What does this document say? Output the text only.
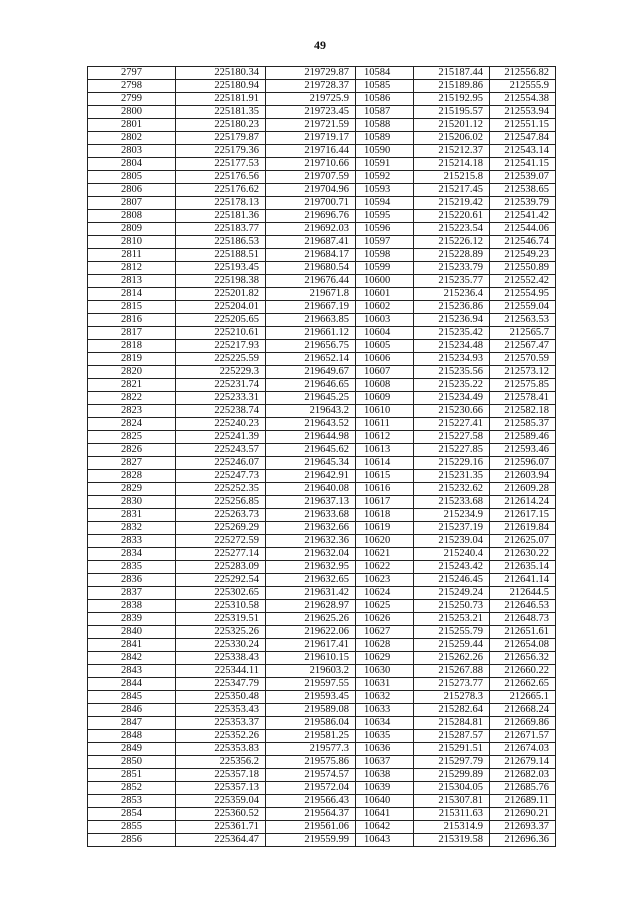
49
2797	225180.34	219729.87	10584	215187.44	212556.82
2798	225180.94	219728.37	10585	215189.86	212555.9
2799	225181.91	219725.9	10586	215192.95	212554.38
2800	225181.35	219723.45	10587	215195.57	212553.94
2801	225180.23	219721.59	10588	215201.12	212551.15
2802	225179.87	219719.17	10589	215206.02	212547.84
2803	225179.36	219716.44	10590	215212.37	212543.14
2804	225177.53	219710.66	10591	215214.18	212541.15
2805	225176.56	219707.59	10592	215215.8	212539.07
2806	225176.62	219704.96	10593	215217.45	212538.65
2807	225178.13	219700.71	10594	215219.42	212539.79
2808	225181.36	219696.76	10595	215220.61	212541.42
2809	225183.77	219692.03	10596	215223.54	212544.06
2810	225186.53	219687.41	10597	215226.12	212546.74
2811	225188.51	219684.17	10598	215228.89	212549.23
2812	225193.45	219680.54	10599	215233.79	212550.89
2813	225198.38	219676.44	10600	215235.77	212552.42
2814	225201.82	219671.8	10601	215236.4	212554.95
2815	225204.01	219667.19	10602	215236.86	212559.04
2816	225205.65	219663.85	10603	215236.94	212563.53
2817	225210.61	219661.12	10604	215235.42	212565.7
2818	225217.93	219656.75	10605	215234.48	212567.47
2819	225225.59	219652.14	10606	215234.93	212570.59
2820	225229.3	219649.67	10607	215235.56	212573.12
2821	225231.74	219646.65	10608	215235.22	212575.85
2822	225233.31	219645.25	10609	215234.49	212578.41
2823	225238.74	219643.2	10610	215230.66	212582.18
2824	225240.23	219643.52	10611	215227.41	212585.37
2825	225241.39	219644.98	10612	215227.58	212589.46
2826	225243.57	219645.62	10613	215227.85	212593.46
2827	225246.07	219645.34	10614	215229.16	212596.07
2828	225247.73	219642.91	10615	215231.35	212603.94
2829	225252.35	219640.08	10616	215232.62	212609.28
2830	225256.85	219637.13	10617	215233.68	212614.24
2831	225263.73	219633.68	10618	215234.9	212617.15
2832	225269.29	219632.66	10619	215237.19	212619.84
2833	225272.59	219632.36	10620	215239.04	212625.07
2834	225277.14	219632.04	10621	215240.4	212630.22
2835	225283.09	219632.95	10622	215243.42	212635.14
2836	225292.54	219632.65	10623	215246.45	212641.14
2837	225302.65	219631.42	10624	215249.24	212644.5
2838	225310.58	219628.97	10625	215250.73	212646.53
2839	225319.51	219625.26	10626	215253.21	212648.73
2840	225325.26	219622.06	10627	215255.79	212651.61
2841	225330.24	219617.41	10628	215259.44	212654.08
2842	225338.43	219610.15	10629	215262.26	212656.32
2843	225344.11	219603.2	10630	215267.88	212660.22
2844	225347.79	219597.55	10631	215273.77	212662.65
2845	225350.48	219593.45	10632	215278.3	212665.1
2846	225353.43	219589.08	10633	215282.64	212668.24
2847	225353.37	219586.04	10634	215284.81	212669.86
2848	225352.26	219581.25	10635	215287.57	212671.57
2849	225353.83	219577.3	10636	215291.51	212674.03
2850	225356.2	219575.86	10637	215297.79	212679.14
2851	225357.18	219574.57	10638	215299.89	212682.03
2852	225357.13	219572.04	10639	215304.05	212685.76
2853	225359.04	219566.43	10640	215307.81	212689.11
2854	225360.52	219564.37	10641	215311.63	212690.21
2855	225361.71	219561.06	10642	215314.9	212693.37
2856	225364.47	219559.99	10643	215319.58	212696.36
